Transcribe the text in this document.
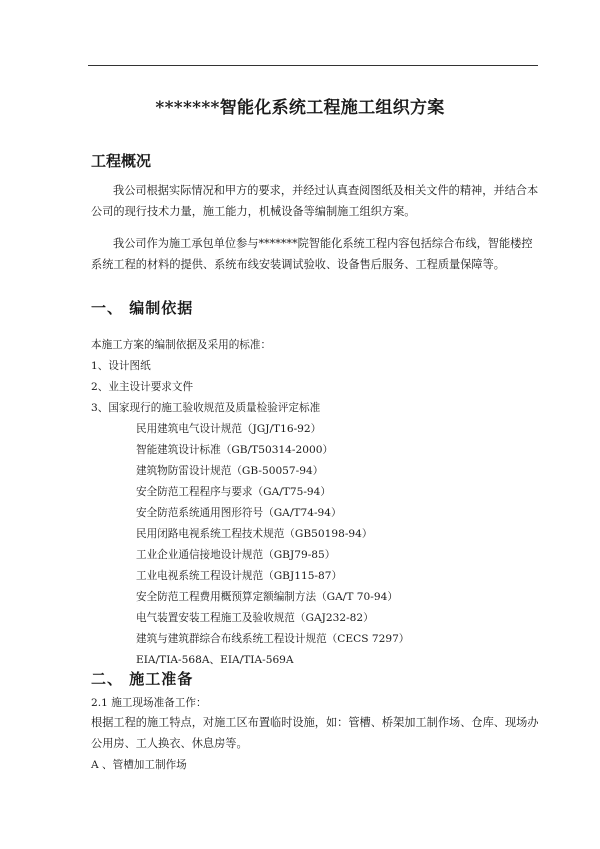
*******智能化系统工程施工组织方案
工程概况
我公司根据实际情况和甲方的要求，并经过认真查阅图纸及相关文件的精神，并结合本公司的现行技术力量，施工能力，机械设备等编制施工组织方案。
我公司作为施工承包单位参与*******院智能化系统工程内容包括综合布线，智能楼控系统工程的材料的提供、系统布线安装调试验收、设备售后服务、工程质量保障等。
一、 编制依据
本施工方案的编制依据及采用的标准：
1、设计图纸
2、业主设计要求文件
3、国家现行的施工验收规范及质量检验评定标准
民用建筑电气设计规范（JGJ/T16-92）
智能建筑设计标准（GB/T50314-2000）
建筑物防雷设计规范（GB-50057-94）
安全防范工程程序与要求（GA/T75-94）
安全防范系统通用图形符号（GA/T74-94）
民用闭路电视系统工程技术规范（GB50198-94）
工业企业通信接地设计规范（GBJ79-85）
工业电视系统工程设计规范（GBJ115-87）
安全防范工程费用概预算定额编制方法（GA/T 70-94）
电气装置安装工程施工及验收规范（GAJ232-82）
建筑与建筑群综合布线系统工程设计规范（CECS 7297）
EIA/TIA-568A、EIA/TIA-569A
二、 施工准备
2.1 施工现场准备工作：
根据工程的施工特点，对施工区布置临时设施，如：管槽、桥架加工制作场、仓库、现场办公用房、工人换衣、休息房等。
A 、管槽加工制作场
